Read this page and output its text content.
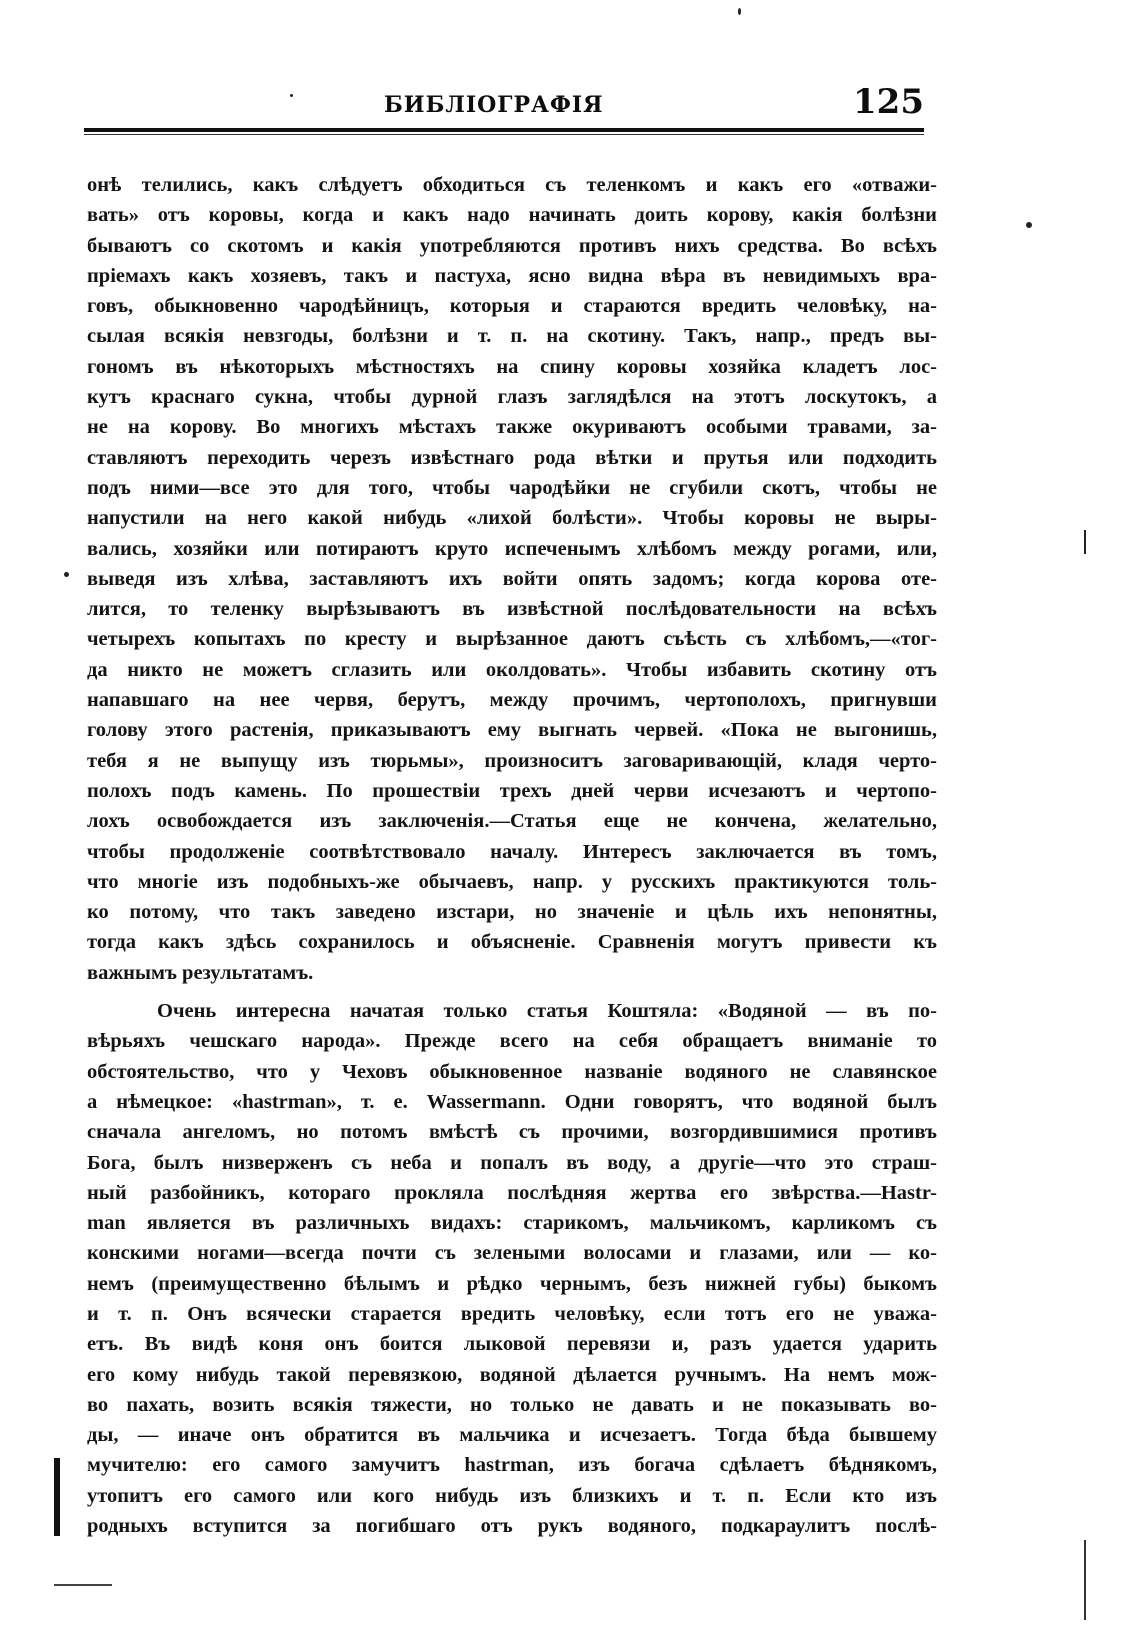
БИБЛІОГРАФІЯ	125
онѣ телились, какъ слѣдуетъ обходиться съ теленкомъ и какъ его «отважи-
вать» отъ коровы, когда и какъ надо начинать доить корову, какія болѣзни
бываютъ со скотомъ и какія употребляются противъ нихъ средства. Во всѣхъ
пріемахъ какъ хозяевъ, такъ и пастуха, ясно видна вѣра въ невидимыхъ вра-
говъ, обыкновенно чародѣйницъ, которыя и стараются вредить человѣку, на-
сылая всякія невзгоды, болѣзни и т. п. на скотину. Такъ, напр., предъ вы-
гономъ въ нѣкоторыхъ мѣстностяхъ на спину коровы хозяйка кладетъ лос-
кутъ краснаго сукна, чтобы дурной глазъ заглядѣлся на этотъ лоскутокъ, а
не на корову. Во многихъ мѣстахъ также окуриваютъ особыми травами, за-
ставляютъ переходить черезъ извѣстнаго рода вѣтки и прутья или подходить
подъ ними—все это для того, чтобы чародѣйки не сгубили скотъ, чтобы не
напустили на него какой нибудь «лихой болѣсти». Чтобы коровы не выры-
вались, хозяйки или потираютъ круто испеченымъ хлѣбомъ между рогами, или,
выведя изъ хлѣва, заставляютъ ихъ войти опять задомъ; когда корова оте-
лится, то теленку вырѣзываютъ въ извѣстной послѣдовательности на всѣхъ
четырехъ копытахъ по кресту и вырѣзанное даютъ съѣсть съ хлѣбомъ,—«тог-
да никто не можетъ сглазить или околдовать». Чтобы избавить скотину отъ
напавшаго на нее червя, берутъ, между прочимъ, чертополохъ, пригнувши
голову этого растенія, приказываютъ ему выгнать червей. «Пока не выгонишь,
тебя я не выпущу изъ тюрьмы», произноситъ заговаривающій, кладя черто-
полохъ подъ камень. По прошествіи трехъ дней черви исчезаютъ и чертопо-
лохъ освобождается изъ заключенія.—Статья еще не кончена, желательно,
чтобы продолженіе соотвѣтствовало началу. Интересъ заключается въ томъ,
что многіе изъ подобныхъ-же обычаевъ, напр. у русскихъ практикуются толь-
ко потому, что такъ заведено изстари, но значеніе и цѣль ихъ непонятны,
тогда какъ здѣсь сохранилось и объясненіе. Сравненія могутъ привести къ
важнымъ результатамъ.
Очень интересна начатая только статья Коштяла: «Водяной — въ по-
вѣрьяхъ чешскаго народа». Прежде всего на себя обращаетъ вниманіе то
обстоятельство, что у Чеховъ обыкновенное названіе водяного не славянское
а нѣмецкое: «hastrman», т. е. Wassermann. Одни говорятъ, что водяной былъ
сначала ангеломъ, но потомъ вмѣстѣ съ прочими, возгордившимися противъ
Бога, былъ низверженъ съ неба и попалъ въ воду, а другіе—что это страш-
ный разбойникъ, котораго прокляла послѣдняя жертва его звѣрства.—Hastr-
man является въ различныхъ видахъ: старикомъ, мальчикомъ, карликомъ съ
конскими ногами—всегда почти съ зелеными волосами и глазами, или — ко-
немъ (преимущественно бѣлымъ и рѣдко чернымъ, безъ нижней губы) быкомъ
и т. п. Онъ всячески старается вредить человѣку, если тотъ его не уважа-
етъ. Въ видѣ коня онъ боится лыковой перевязи и, разъ удается ударить
его кому нибудь такой перевязкою, водяной дѣлается ручнымъ. На немъ мож-
во пахать, возить всякія тяжести, но только не давать и не показывать во-
ды, — иначе онъ обратится въ мальчика и исчезаетъ. Тогда бѣда бывшему
мучителю: его самого замучитъ hastrman, изъ богача сдѣлаетъ бѣднякомъ,
утопитъ его самого или кого нибудь изъ близкихъ и т. п. Если кто изъ
родныхъ вступится за погибшаго отъ рукъ водяного, подкараулитъ послѣ-
